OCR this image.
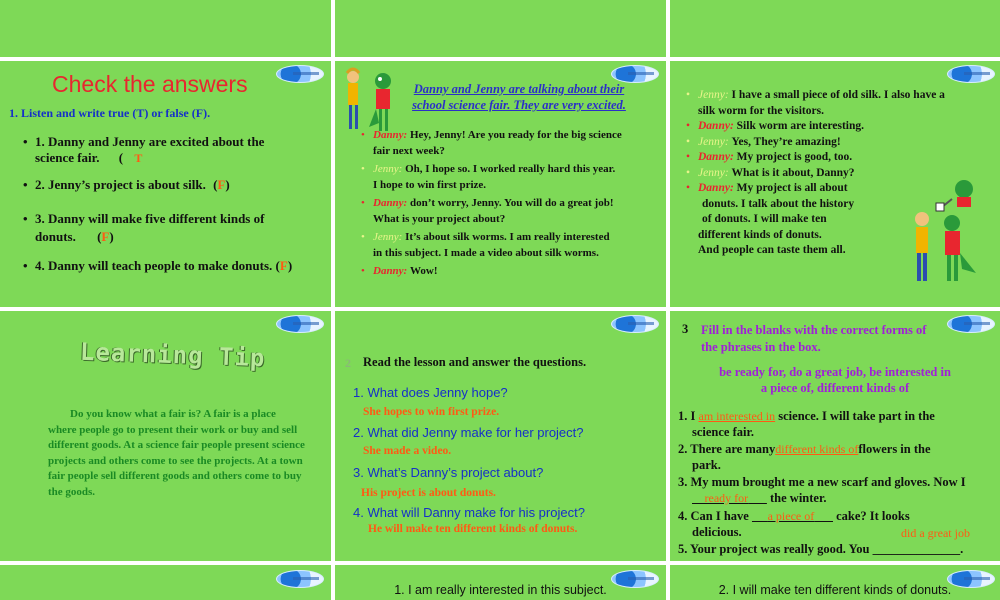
Check the answers
1. Listen and write true (T) or false (F).
• 1. Danny and Jenny are excited about the science fair. ( T
• 2. Jenny’s project is about silk. (F)
• 3. Danny will make five different kinds of donuts. (F)
• 4. Danny will teach people to make donuts. (F)
Danny and Jenny are talking about their
school science fair. They are very excited.
• Danny: Hey, Jenny! Are you ready for the big science
fair next week?
• Jenny: Oh, I hope so. I worked really hard this year.
I hope to win first prize.
• Danny: don’t worry, Jenny. You will do a great job!
What is your project about?
• Jenny: It’s about silk worms. I am really interested
in this subject. I made a video about silk worms.
• Danny: Wow!
• Jenny: I have a small piece of old silk. I also have a
silk worm for the visitors.
• Danny: Silk worm are interesting.
• Jenny: Yes, They’re amazing!
• Danny: My project is good, too.
• Jenny: What is it about, Danny?
• Danny: My project is all about
donuts. I talk about the history
of donuts. I will make ten
different kinds of donuts.
And people can taste them all.
Learning Tip
Do you know what a fair is? A fair is a place where people go to present their work or buy and sell different goods. At a science fair people present science projects and others come to see the projects. At a town fair people sell different goods and others come to buy the goods.
2 Read the lesson and answer the questions.
1. What does Jenny hope?
She hopes to win first prize.
2. What did Jenny make for her project?
She made a video.
3. What’s Danny’s project about?
His project is about donuts.
4. What will Danny make for his project?
He will make ten different kinds of donuts.
3 Fill in the blanks with the correct forms of
the phrases in the box.
be ready for, do a great job, be interested in
a piece of, different kinds of
1. I am interested in science. I will take part in the
science fair.
2. There are manydifferent kinds offlowers in the
park.
3. My mum brought me a new scarf and gloves. Now I
ready for the winter.
4. Can I have a piece of cake? It looks
delicious.	did a great job
5. Your project was really good. You ______________.
1. I am really interested in this subject.	2. I will make ten different kinds of donuts.
